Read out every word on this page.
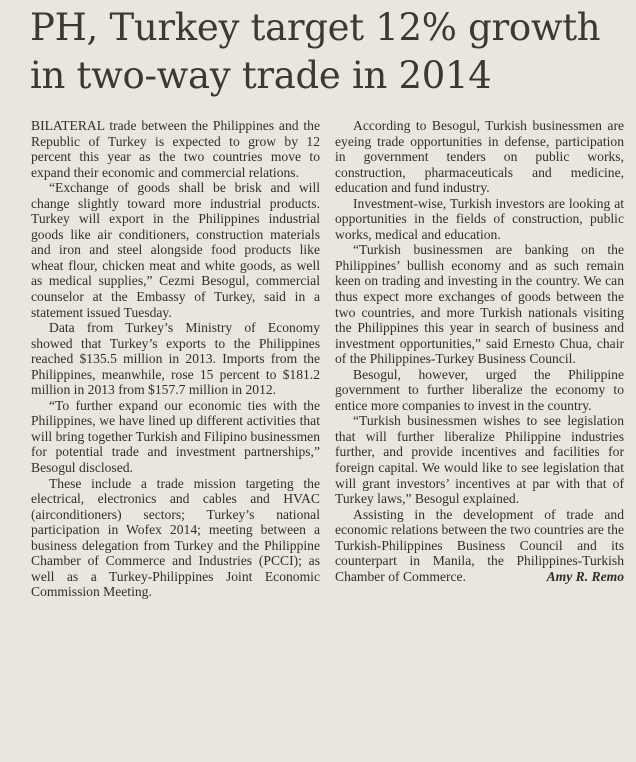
PH, Turkey target 12% growth in two-way trade in 2014

BILATERAL trade between the Philippines and the Republic of Turkey is expected to grow by 12 percent this year as the two countries move to expand their economic and commercial relations.

“Exchange of goods shall be brisk and will change slightly toward more industrial products. Turkey will export in the Philippines industrial goods like air conditioners, construction materials and iron and steel alongside food products like wheat flour, chicken meat and white goods, as well as medical supplies,” Cezmi Besogul, commercial counselor at the Embassy of Turkey, said in a statement issued Tuesday.

Data from Turkey’s Ministry of Economy showed that Turkey’s exports to the Philippines reached $135.5 million in 2013. Imports from the Philippines, meanwhile, rose 15 percent to $181.2 million in 2013 from $157.7 million in 2012.

“To further expand our economic ties with the Philippines, we have lined up different activities that will bring together Turkish and Filipino businessmen for potential trade and investment partnerships,” Besogul disclosed.

These include a trade mission targeting the electrical, electronics and cables and HVAC (airconditioners) sectors; Turkey’s national participation in Wofex 2014; meeting between a business delegation from Turkey and the Philippine Chamber of Commerce and Industries (PCCI); as well as a Turkey-Philippines Joint Economic Commission Meeting.

According to Besogul, Turkish businessmen are eyeing trade opportunities in defense, participation in government tenders on public works, construction, pharmaceuticals and medicine, education and fund industry.

Investment-wise, Turkish investors are looking at opportunities in the fields of construction, public works, medical and education.

“Turkish businessmen are banking on the Philippines’ bullish economy and as such remain keen on trading and investing in the country. We can thus expect more exchanges of goods between the two countries, and more Turkish nationals visiting the Philippines this year in search of business and investment opportunities,” said Ernesto Chua, chair of the Philippines-Turkey Business Council.

Besogul, however, urged the Philippine government to further liberalize the economy to entice more companies to invest in the country.

“Turkish businessmen wishes to see legislation that will further liberalize Philippine industries further, and provide incentives and facilities for foreign capital. We would like to see legislation that will grant investors’ incentives at par with that of Turkey laws,” Besogul explained.

Assisting in the development of trade and economic relations between the two countries are the Turkish-Philippines Business Council and its counterpart in Manila, the Philippines-Turkish Chamber of Commerce.	Amy R. Remo
